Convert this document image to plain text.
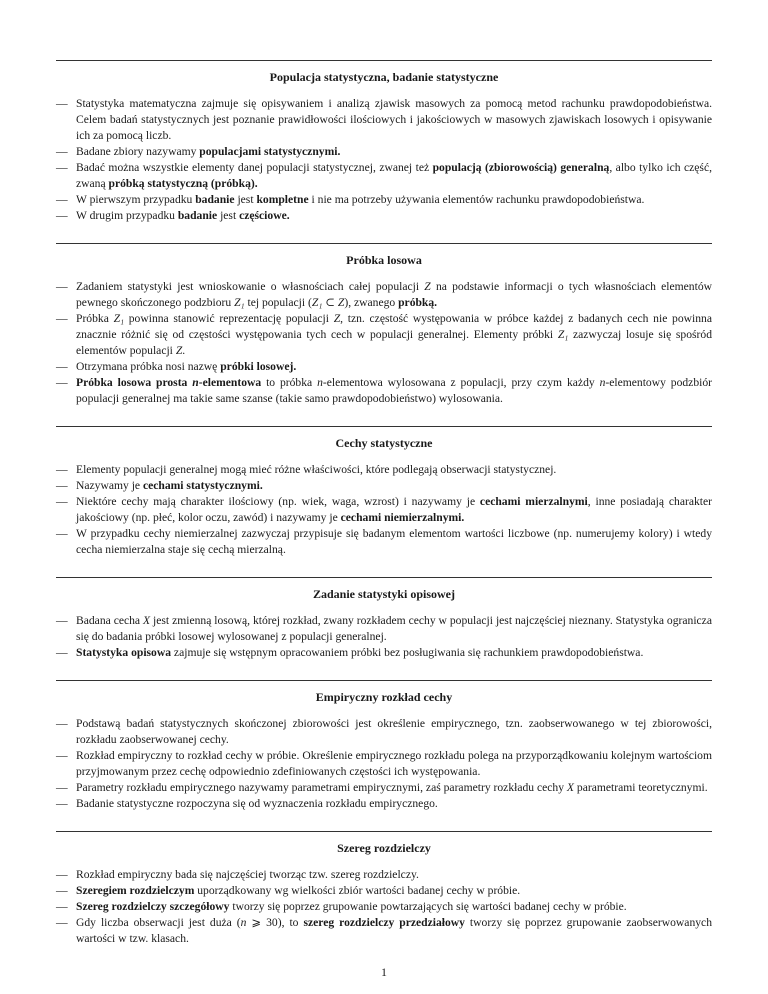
Populacja statystyczna, badanie statystyczne
— Statystyka matematyczna zajmuje się opisywaniem i analizą zjawisk masowych za pomocą metod rachunku prawdopodobieństwa. Celem badań statystycznych jest poznanie prawidłowości ilościowych i jakościowych w masowych zjawiskach losowych i opisywanie ich za pomocą liczb.
— Badane zbiory nazywamy populacjami statystycznymi.
— Badać można wszystkie elementy danej populacji statystycznej, zwanej też populacją (zbiorowością) generalną, albo tylko ich część, zwaną próbką statystyczną (próbką).
— W pierwszym przypadku badanie jest kompletne i nie ma potrzeby używania elementów rachunku prawdopodobieństwa.
— W drugim przypadku badanie jest częściowe.
Próbka losowa
— Zadaniem statystyki jest wnioskowanie o własnościach całej populacji Z na podstawie informacji o tych własnościach elementów pewnego skończonego podzbioru Z₁ tej populacji (Z₁ ⊂ Z), zwanego próbką.
— Próbka Z₁ powinna stanowić reprezentację populacji Z, tzn. częstość występowania w próbce każdej z badanych cech nie powinna znacznie różnić się od częstości występowania tych cech w populacji generalnej. Elementy próbki Z₁ zazwyczaj losuje się spośród elementów populacji Z.
— Otrzymana próbka nosi nazwę próbki losowej.
— Próbka losowa prosta n-elementowa to próbka n-elementowa wylosowana z populacji, przy czym każdy n-elementowy podzbiór populacji generalnej ma takie same szanse (takie samo prawdopodobieństwo) wylosowania.
Cechy statystyczne
— Elementy populacji generalnej mogą mieć różne właściwości, które podlegają obserwacji statystycznej.
— Nazywamy je cechami statystycznymi.
— Niektóre cechy mają charakter ilościowy (np. wiek, waga, wzrost) i nazywamy je cechami mierzalnymi, inne posiadają charakter jakościowy (np. płeć, kolor oczu, zawód) i nazywamy je cechami niemierzalnymi.
— W przypadku cechy niemierzalnej zazwyczaj przypisuje się badanym elementom wartości liczbowe (np. numerujemy kolory) i wtedy cecha niemierzalna staje się cechą mierzalną.
Zadanie statystyki opisowej
— Badana cecha X jest zmienną losową, której rozkład, zwany rozkładem cechy w populacji jest najczęściej nieznany. Statystyka ogranicza się do badania próbki losowej wylosowanej z populacji generalnej.
— Statystyka opisowa zajmuje się wstępnym opracowaniem próbki bez posługiwania się rachunkiem prawdopodobieństwa.
Empiryczny rozkład cechy
— Podstawą badań statystycznych skończonej zbiorowości jest określenie empirycznego, tzn. zaobserwowanego w tej zbiorowości, rozkładu zaobserwowanej cechy.
— Rozkład empiryczny to rozkład cechy w próbie. Określenie empirycznego rozkładu polega na przyporządkowaniu kolejnym wartościom przyjmowanym przez cechę odpowiednio zdefiniowanych częstości ich występowania.
— Parametry rozkładu empirycznego nazywamy parametrami empirycznymi, zaś parametry rozkładu cechy X parametrami teoretycznymi.
— Badanie statystyczne rozpoczyna się od wyznaczenia rozkładu empirycznego.
Szereg rozdzielczy
— Rozkład empiryczny bada się najczęściej tworząc tzw. szereg rozdzielczy.
— Szeregiem rozdzielczym uporządkowany wg wielkości zbiór wartości badanej cechy w próbie.
— Szereg rozdzielczy szczegółowy tworzy się poprzez grupowanie powtarzających się wartości badanej cechy w próbie.
— Gdy liczba obserwacji jest duża (n ⩾ 30), to szereg rozdzielczy przedziałowy tworzy się poprzez grupowanie zaobserwowanych wartości w tzw. klasach.
1
